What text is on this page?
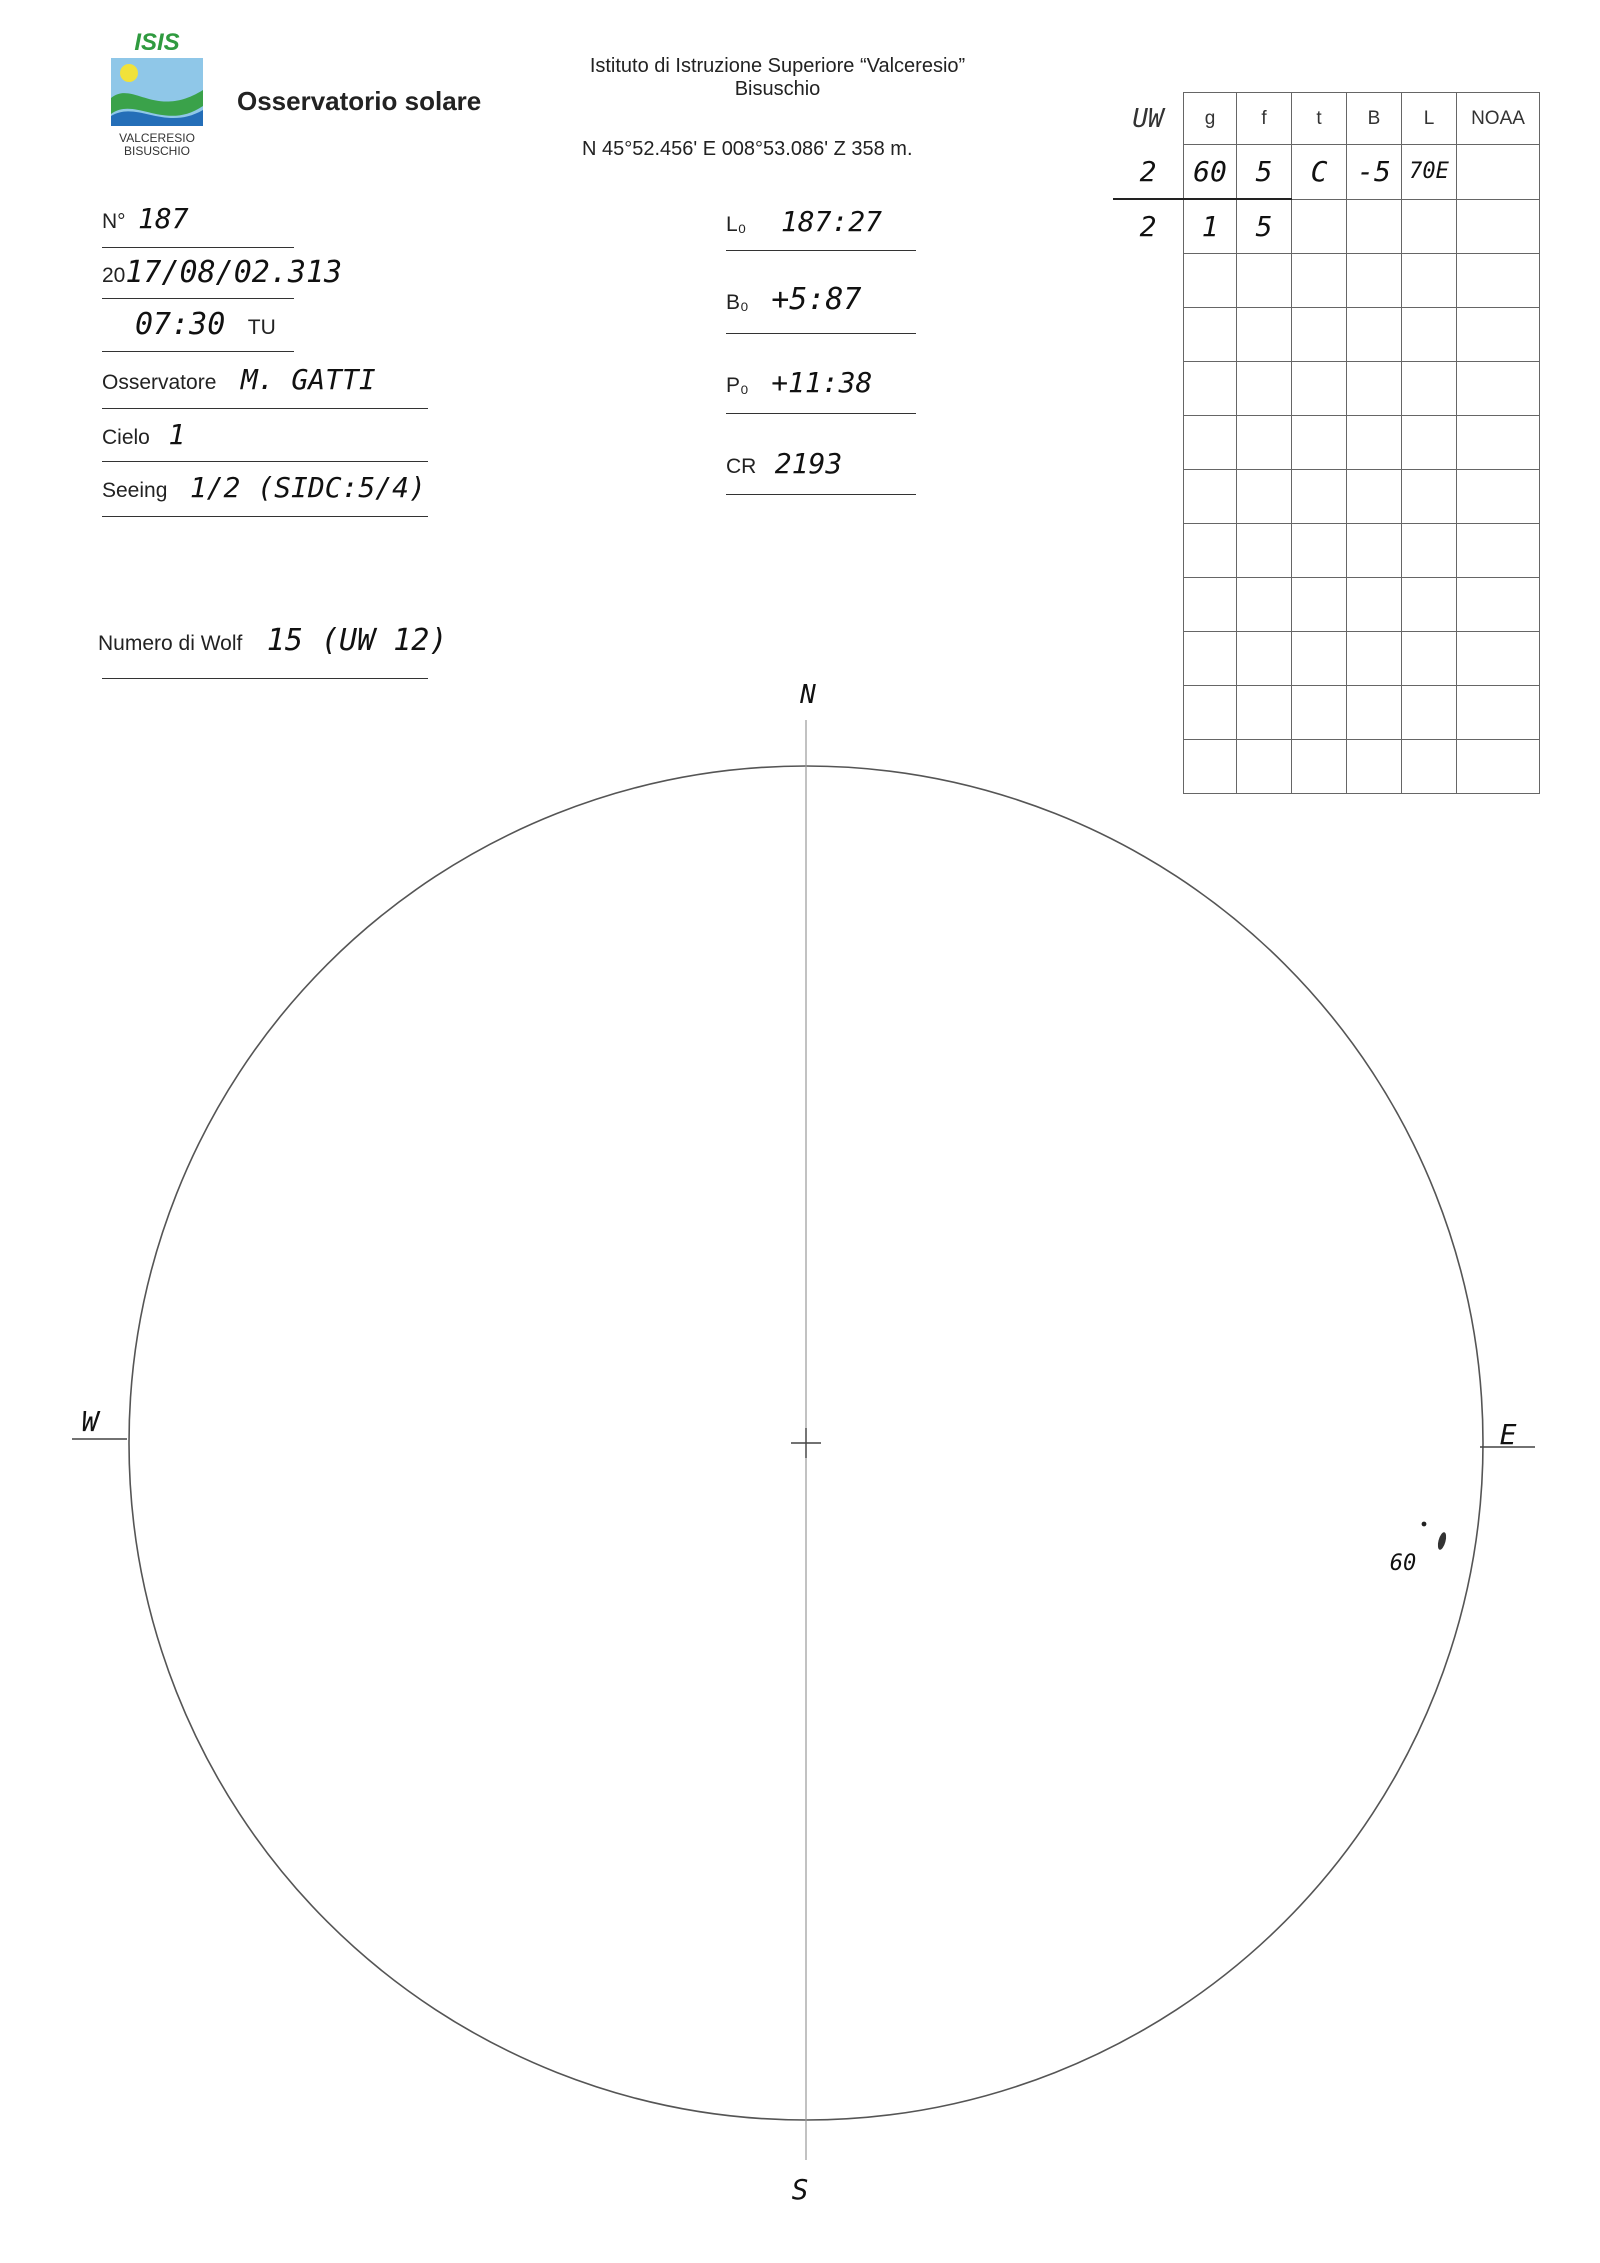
ISIS
VALCERESIO
BISUSCHIO
Osservatorio solare
Istituto di Istruzione Superiore “Valceresio”
Bisuschio
N 45°52.456' E 008°53.086' Z 358 m.
N° 187
2017/08/02.313
07:30 TU
Osservatore M. GATTI
Cielo 1
Seeing 1/2 (SIDC:5/4)
Numero di Wolf 15 (UW 12)
L₀ 187:27
B₀ +5:87
P₀ +11:38
CR 2193
UW	g	f	t	B	L	NOAA
2	60	5	C	-5	70E	
2	1	5				

N
S
W	E
60
